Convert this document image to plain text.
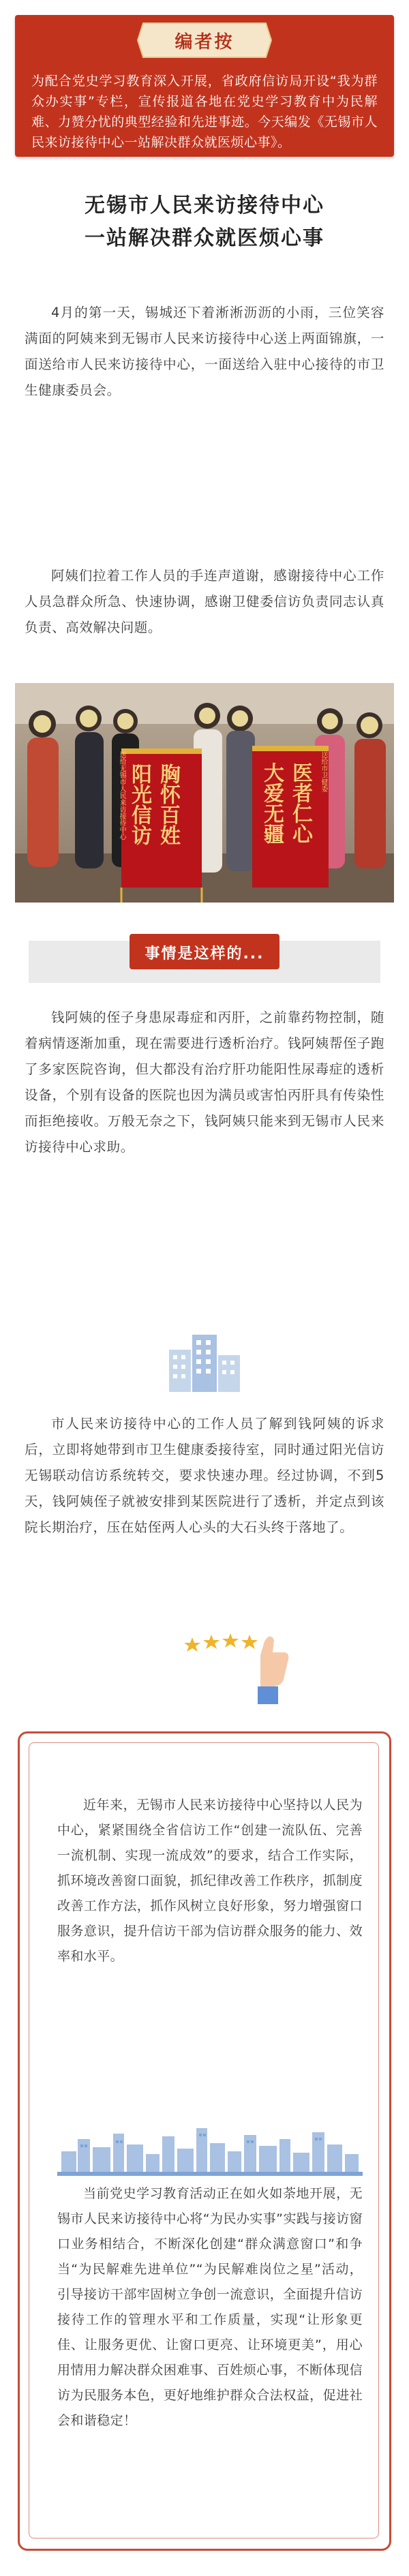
编者按
为配合党史学习教育深入开展，省政府信访局开设“我为群众办实事”专栏，宣传报道各地在党史学习教育中为民解难、力赞分忧的典型经验和先进事迹。今天编发《无锡市人民来访接待中心一站解决群众就医烦心事》。
无锡市人民来访接待中心
一站解决群众就医烦心事
4月的第一天，锡城还下着淅淅沥沥的小雨，三位笑容满面的阿姨来到无锡市人民来访接待中心送上两面锦旗，一面送给市人民来访接待中心，一面送给入驻中心接待的市卫生健康委员会。
阿姨们拉着工作人员的手连声道谢，感谢接待中心工作人员急群众所急、快速协调，感谢卫健委信访负责同志认真负责、高效解决问题。
送给无锡市人民来访接待中心 阳光信访 胸怀百姓	大爱无疆 医者仁心	送给市卫健委
事情是这样的...
钱阿姨的侄子身患尿毒症和丙肝，之前靠药物控制，随着病情逐渐加重，现在需要进行透析治疗。钱阿姨帮侄子跑了多家医院咨询，但大都没有治疗肝功能阳性尿毒症的透析设备，个别有设备的医院也因为满员或害怕丙肝具有传染性而拒绝接收。万般无奈之下，钱阿姨只能来到无锡市人民来访接待中心求助。
市人民来访接待中心的工作人员了解到钱阿姨的诉求后，立即将她带到市卫生健康委接待室，同时通过阳光信访无锡联动信访系统转交，要求快速办理。经过协调，不到5天，钱阿姨侄子就被安排到某医院进行了透析，并定点到该院长期治疗，压在姑侄两人心头的大石头终于落地了。
近年来，无锡市人民来访接待中心坚持以人民为中心，紧紧围绕全省信访工作“创建一流队伍、完善一流机制、实现一流成效”的要求，结合工作实际，抓环境改善窗口面貌，抓纪律改善工作秩序，抓制度改善工作方法，抓作风树立良好形象，努力增强窗口服务意识，提升信访干部为信访群众服务的能力、效率和水平。
当前党史学习教育活动正在如火如荼地开展，无锡市人民来访接待中心将“为民办实事”实践与接访窗口业务相结合，不断深化创建“群众满意窗口”和争当“为民解难先进单位”“为民解难岗位之星”活动，引导接访干部牢固树立争创一流意识，全面提升信访接待工作的管理水平和工作质量，实现“让形象更佳、让服务更优、让窗口更亮、让环境更美”，用心用情用力解决群众困难事、百姓烦心事，不断体现信访为民服务本色，更好地维护群众合法权益，促进社会和谐稳定！
